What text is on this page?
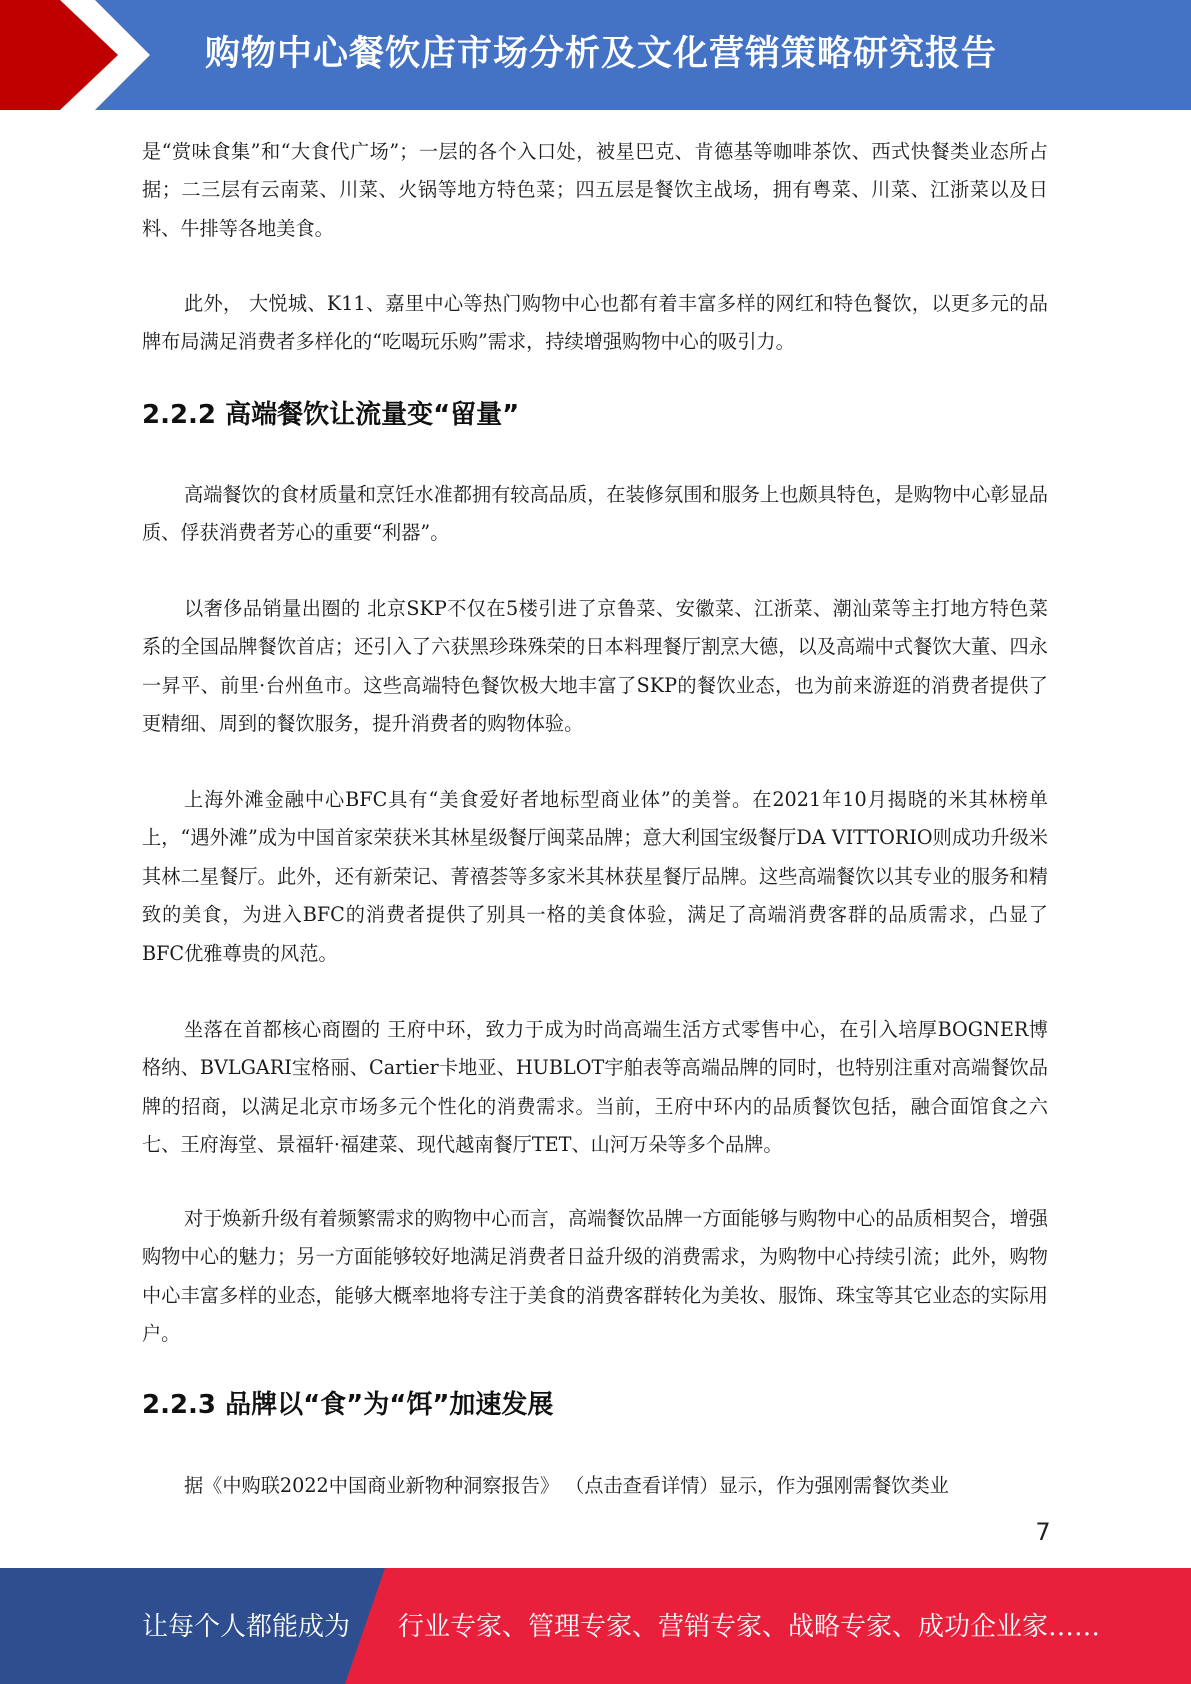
购物中心餐饮店市场分析及文化营销策略研究报告

是“赏味食集”和“大食代广场”；一层的各个入口处，被星巴克、肯德基等咖啡茶饮、西式快餐类业态所占据；二三层有云南菜、川菜、火锅等地方特色菜；四五层是餐饮主战场，拥有粤菜、川菜、江浙菜以及日料、牛排等各地美食。

此外， 大悦城、K11、嘉里中心等热门购物中心也都有着丰富多样的网红和特色餐饮，以更多元的品牌布局满足消费者多样化的“吃喝玩乐购”需求，持续增强购物中心的吸引力。

2.2.2 高端餐饮让流量变“留量”

高端餐饮的食材质量和烹饪水准都拥有较高品质，在装修氛围和服务上也颇具特色，是购物中心彰显品质、俘获消费者芳心的重要“利器”。

以奢侈品销量出圈的 北京SKP不仅在5楼引进了京鲁菜、安徽菜、江浙菜、潮汕菜等主打地方特色菜系的全国品牌餐饮首店；还引入了六获黑珍珠殊荣的日本料理餐厅割烹大德，以及高端中式餐饮大董、四永一昇平、前里·台州鱼市。这些高端特色餐饮极大地丰富了SKP的餐饮业态，也为前来游逛的消费者提供了更精细、周到的餐饮服务，提升消费者的购物体验。

上海外滩金融中心BFC具有“美食爱好者地标型商业体”的美誉。在2021年10月揭晓的米其林榜单上，“遇外滩”成为中国首家荣获米其林星级餐厅闽菜品牌；意大利国宝级餐厅DA VITTORIO则成功升级米其林二星餐厅。此外，还有新荣记、菁禧荟等多家米其林获星餐厅品牌。这些高端餐饮以其专业的服务和精致的美食，为进入BFC的消费者提供了别具一格的美食体验，满足了高端消费客群的品质需求，凸显了BFC优雅尊贵的风范。

坐落在首都核心商圈的 王府中环，致力于成为时尚高端生活方式零售中心，在引入培厚BOGNER博格纳、BVLGARI宝格丽、Cartier卡地亚、HUBLOT宇舶表等高端品牌的同时，也特别注重对高端餐饮品牌的招商，以满足北京市场多元个性化的消费需求。当前，王府中环内的品质餐饮包括，融合面馆食之六七、王府海堂、景福轩·福建菜、现代越南餐厅TET、山河万朵等多个品牌。

对于焕新升级有着频繁需求的购物中心而言，高端餐饮品牌一方面能够与购物中心的品质相契合，增强购物中心的魅力；另一方面能够较好地满足消费者日益升级的消费需求，为购物中心持续引流；此外，购物中心丰富多样的业态，能够大概率地将专注于美食的消费客群转化为美妆、服饰、珠宝等其它业态的实际用户。

2.2.3 品牌以“食”为“饵”加速发展

据《中购联2022中国商业新物种洞察报告》 （点击查看详情）显示，作为强刚需餐饮类业

7
让每个人都能成为 行业专家、管理专家、营销专家、战略专家、成功企业家……
